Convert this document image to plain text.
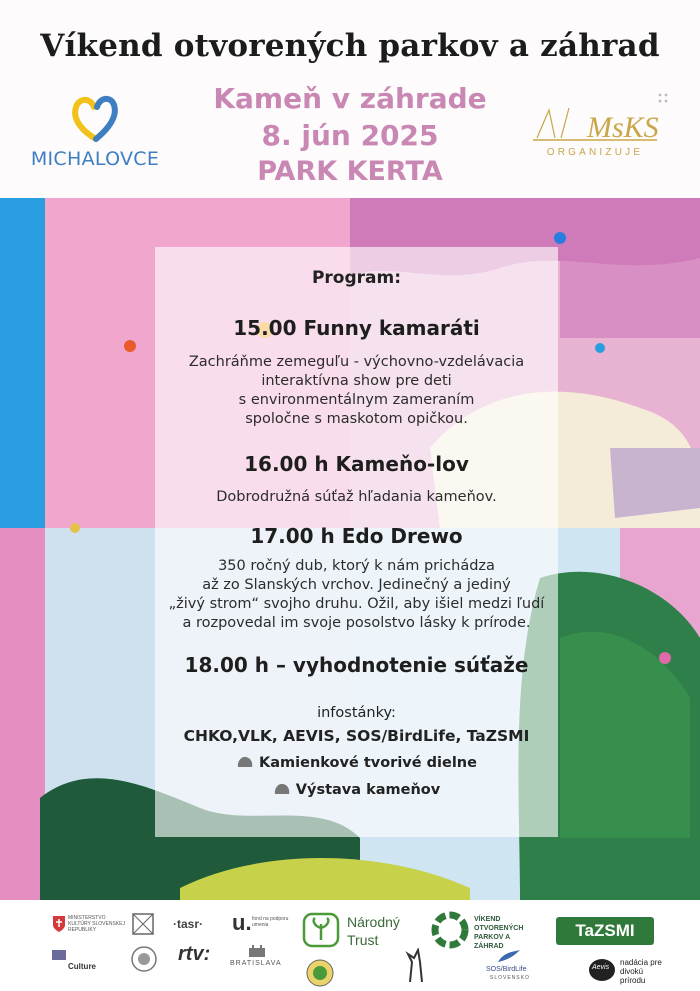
Víkend otvorených parkov a záhrad
Kameň v záhrade
8. jún 2025
PARK KERTA
MICHALOVCE
MsKS
ORGANIZUJE
Program:
15.00 Funny kamaráti
Zachráňme zemeguľu - výchovno-vzdelávacia
interaktívna show pre deti
s environmentálnym zameraním
spoločne s maskotom opičkou.
16.00 h Kameňo-lov
Dobrodružná súťaž hľadania kameňov.
17.00 h Edo Drewo
350 ročný dub, ktorý k nám prichádza
až zo Slanských vrchov. Jedinečný a jediný
„živý strom“ svojho druhu. Ožil, aby išiel medzi ľudí
a rozpovedal im svoje posolstvo lásky k prírode.
18.00 h – vyhodnotenie súťaže
infostánky:
CHKO,VLK, AEVIS, SOS/BirdLife, TaZSMI
Kamienkové tvorivé dielne
Výstava kameňov
MINISTERSTVO KULTÚRY SLOVENSKEJ REPUBLIKY	·tasr· u. fond na podporu umenia
Culture
rtv:	BRATISLAVA
Národný
Trust
VÍKEND OTVORENÝCH PARKOV A ZÁHRAD
SOS/BirdLife
SLOVENSKO
TaZSMI
Aevis
nadácia pre divokú prírodu
